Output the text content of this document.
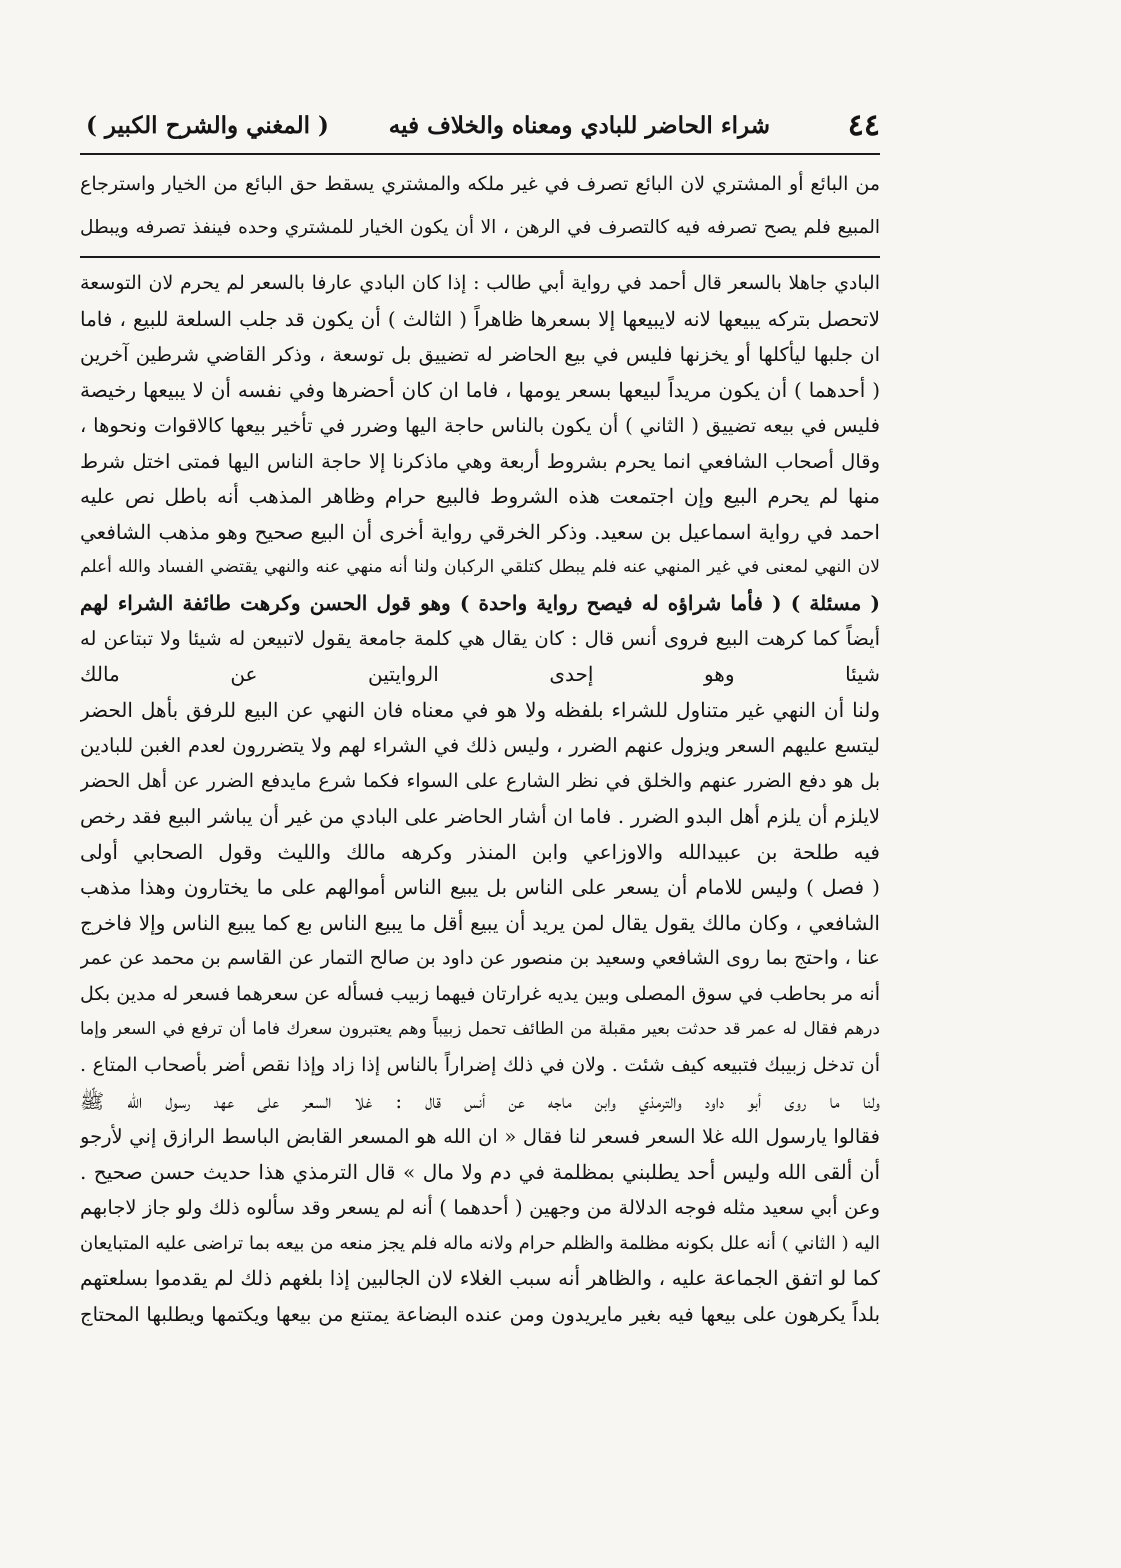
٤٤
شراء الحاضر للبادي ومعناه والخلاف فيه
( المغني والشرح الكبير )
من البائع أو المشتري لان البائع تصرف في غير ملكه والمشتري يسقط حق البائع من الخيار واسترجاع
المبيع فلم يصح تصرفه فيه كالتصرف في الرهن ، الا أن يكون الخيار للمشتري وحده فينفذ تصرفه ويبطل
البادي جاهلا بالسعر قال أحمد في رواية أبي طالب : إذا كان البادي عارفا بالسعر لم يحرم لان التوسعة
لاتحصل بتركه يبيعها لانه لايبيعها إلا بسعرها ظاهراً ( الثالث ) أن يكون قد جلب السلعة للبيع ، فاما
ان جلبها ليأكلها أو يخزنها فليس في بيع الحاضر له تضييق بل توسعة ، وذكر القاضي شرطين آخرين
( أحدهما ) أن يكون مريداً لبيعها بسعر يومها ، فاما ان كان أحضرها وفي نفسه أن لا يبيعها رخيصة
فليس في بيعه تضييق ( الثاني ) أن يكون بالناس حاجة اليها وضرر في تأخير بيعها كالاقوات ونحوها ،
وقال أصحاب الشافعي انما يحرم بشروط أربعة وهي ماذكرنا إلا حاجة الناس اليها فمتى اختل شرط
منها لم يحرم البيع وإن اجتمعت هذه الشروط فالبيع حرام وظاهر المذهب أنه باطل نص عليه
احمد في رواية اسماعيل بن سعيد. وذكر الخرقي رواية أخرى أن البيع صحيح وهو مذهب الشافعي
لان النهي لمعنى في غير المنهي عنه فلم يبطل كتلقي الركبان ولنا أنه منهي عنه والنهي يقتضي الفساد والله أعلم
( مسئلة ) ( فأما شراؤه له فيصح رواية واحدة ) وهو قول الحسن وكرهت طائفة الشراء لهم
أيضاً كما كرهت البيع فروى أنس قال : كان يقال هي كلمة جامعة يقول لاتبيعن له شيئا ولا تبتاعن له
شيئا وهو إحدى الروايتين عن مالك
ولنا أن النهي غير متناول للشراء بلفظه ولا هو في معناه فان النهي عن البيع للرفق بأهل الحضر
ليتسع عليهم السعر ويزول عنهم الضرر ، وليس ذلك في الشراء لهم ولا يتضررون لعدم الغبن للبادين
بل هو دفع الضرر عنهم والخلق في نظر الشارع على السواء فكما شرع مايدفع الضرر عن أهل الحضر
لايلزم أن يلزم أهل البدو الضرر . فاما ان أشار الحاضر على البادي من غير أن يباشر البيع فقد رخص
فيه طلحة بن عبيدالله والاوزاعي وابن المنذر وكرهه مالك والليث وقول الصحابي أولى
( فصل ) وليس للامام أن يسعر على الناس بل يبيع الناس أموالهم على ما يختارون وهذا مذهب
الشافعي ، وكان مالك يقول يقال لمن يريد أن يبيع أقل ما يبيع الناس بع كما يبيع الناس وإلا فاخرج
عنا ، واحتج بما روى الشافعي وسعيد بن منصور عن داود بن صالح التمار عن القاسم بن محمد عن عمر
أنه مر بحاطب في سوق المصلى وبين يديه غرارتان فيهما زبيب فسأله عن سعرهما فسعر له مدين بكل
درهم فقال له عمر قد حدثت بعير مقبلة من الطائف تحمل زبيباً وهم يعتبرون سعرك فاما أن ترفع في السعر وإما
أن تدخل زبيبك فتبيعه كيف شئت . ولان في ذلك إضراراً بالناس إذا زاد وإذا نقص أضر بأصحاب المتاع .
ولنا ما روى أبو داود والترمذي وابن ماجه عن أنس قال : غلا السعر على عهد رسول الله ﷺ
فقالوا يارسول الله غلا السعر فسعر لنا فقال « ان الله هو المسعر القابض الباسط الرازق إني لأرجو
أن ألقى الله وليس أحد يطلبني بمظلمة في دم ولا مال » قال الترمذي هذا حديث حسن صحيح .
وعن أبي سعيد مثله فوجه الدلالة من وجهين ( أحدهما ) أنه لم يسعر وقد سألوه ذلك ولو جاز لاجابهم
اليه ( الثاني ) أنه علل بكونه مظلمة والظلم حرام ولانه ماله فلم يجز منعه من بيعه بما تراضى عليه المتبايعان
كما لو اتفق الجماعة عليه ، والظاهر أنه سبب الغلاء لان الجالبين إذا بلغهم ذلك لم يقدموا بسلعتهم
بلداً يكرهون على بيعها فيه بغير مايريدون ومن عنده البضاعة يمتنع من بيعها ويكتمها ويطلبها المحتاج
